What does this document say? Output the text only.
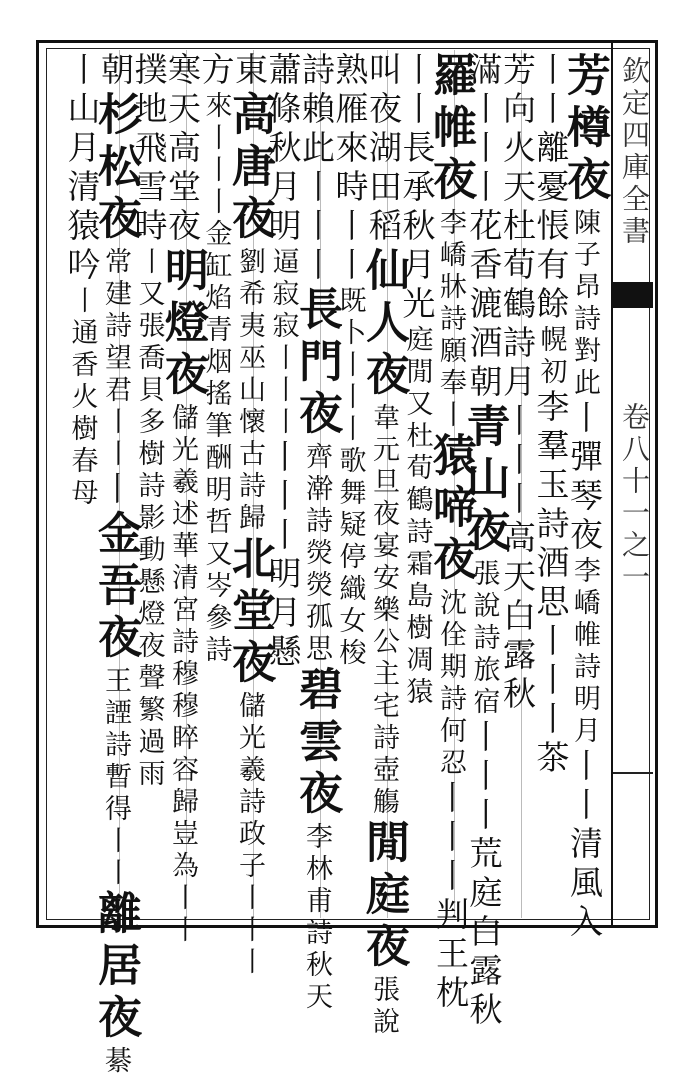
欽定四庫全書
卷八十一之一
芳樽夜陳子昂詩對此丨彈琴夜李嶠帷詩明月丨丨清風入
丨丨離憂悵有餘幌初李羣玉詩酒思丨丨丨茶
芳向火天杜荀鶴詩月丨丨丨高天白露秋
滿丨丨丨花香漉酒朝青山夜張說詩旅宿丨丨丨荒庭白露秋
羅帷夜李嶠牀詩願奉丨猿啼夜沈佺期詩何忍丨丨丨判王枕
丨丨長承秋月光庭閒又杜荀鶴詩霜島樹凋猿
叫夜湖田稻仙人夜韋元旦夜宴安樂公主宅詩壺觴閒庭夜張說
熟雁來時丨丨既卜丨丨丨歌舞疑停織女梭
詩賴此丨丨丨長門夜齊澣詩熒熒孤思碧雲夜李林甫詩秋天
蕭條秋月明逼寂寂丨丨丨丨丨丨明月懸
東高唐夜劉希夷巫山懷古詩歸北堂夜儲光羲詩政子丨丨丨
方來丨丨丨金缸焰青烟搖筆酬明哲又岑參詩
寒天高堂夜明燈夜儲光羲述華清宮詩穆穆睟容歸豈為丨丨
撲地飛雪時丨又張喬貝多樹詩影動懸燈夜聲繁過雨
朝杉松夜常建詩望君丨丨丨金吾夜王諲詩暫得丨丨離居夜綦
丨山月清猿吟丨通香火樹春母
